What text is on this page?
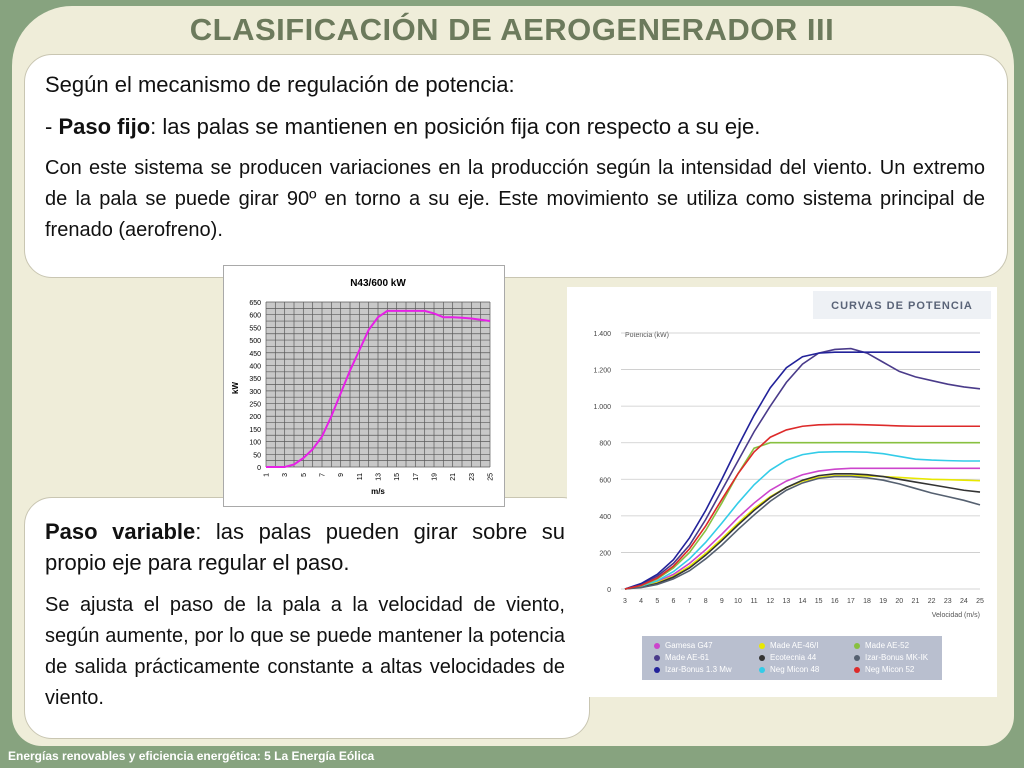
CLASIFICACIÓN DE AEROGENERADOR III

Según el mecanismo de regulación de potencia:

- Paso fijo: las palas se mantienen en posición fija con respecto a su eje.

Con este sistema se producen variaciones en la producción según la intensidad del viento. Un extremo de la pala se puede girar 90º en torno a su eje. Este movimiento se utiliza como sistema principal de frenado (aerofreno).

Paso variable: las palas pueden girar sobre su propio eje para regular el paso.

Se ajusta el paso de la pala a la velocidad de viento, según aumente, por lo que se puede mantener la potencia de salida prácticamente constante a altas velocidades de viento.

N43/600 kW
0
50
100
150
200
250
300
350
400
450
500
550
600
650
1 3 5 7 9 11 13 15 17 19 21 23 25
m/s
kW
CURVAS DE POTENCIA
Potencia (kW)
0
200
400
600
800
1.000
1.200
1.400
3 4 5 6 7 8 9 10 11 12 13 14 15 16 17 18 19 20 21 22 23 24 25
Velocidad (m/s)
Gamesa G47
Made AE-61
Izar-Bonus 1.3 Mw
Made AE-46/I
Ecotecnia 44
Neg Micon 48
Made AE-52
Izar-Bonus MK-IK
Neg Micon 52
Energías renovables y eficiencia energética: 5 La Energía Eólica
